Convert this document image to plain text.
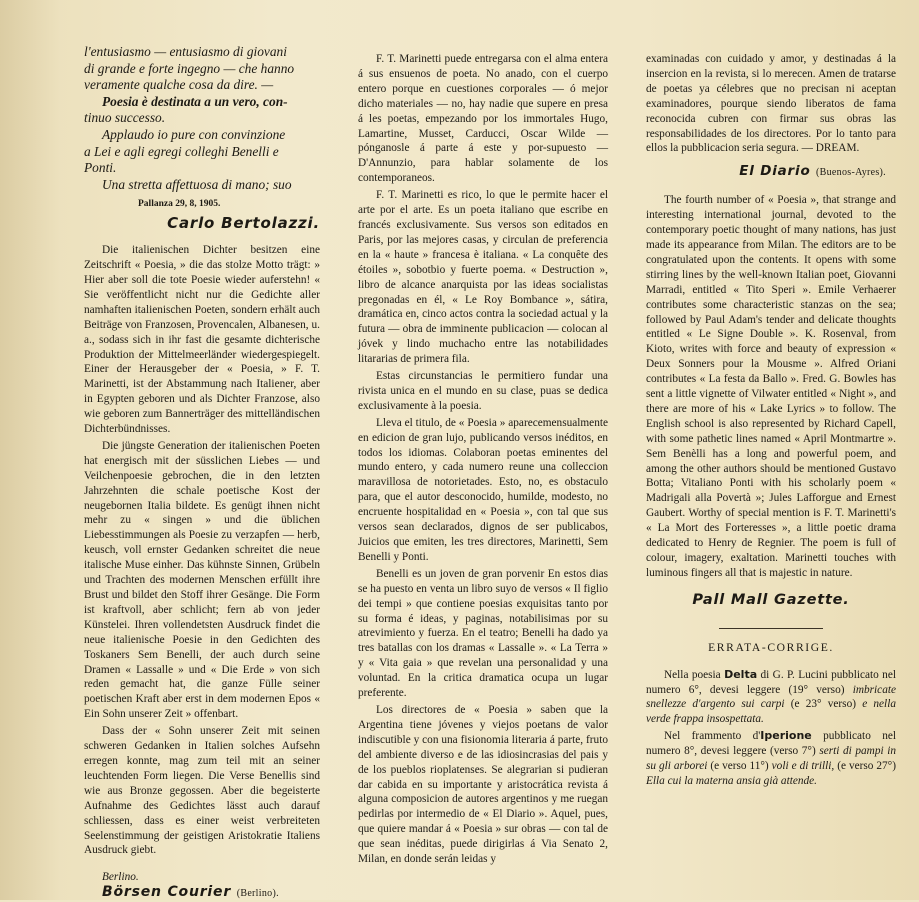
l'entusiasmo — entusiasmo di giovani

di grande e forte ingegno — che hanno

veramente qualche cosa da dire. —

Poesia è destinata a un vero, con-

tinuo successo.

Applaudo io pure con convinzione

a Lei e agli egregi colleghi Benelli e

Ponti.

Una stretta affettuosa di mano; suo

Pallanza 29, 8, 1905.

Carlo Bertolazzi.

Die italienischen Dichter besitzen eine Zeitschrift « Poesia, » die das stolze Motto trägt: » Hier aber soll die tote Poesie wieder auferstehn! « Sie veröffentlicht nicht nur die Gedichte aller namhaften italienischen Poeten, sondern erhält auch Beiträge von Franzosen, Provencalen, Albanesen, u. a., sodass sich in ihr fast die gesamte dichterische Produktion der Mittelmeerländer wiedergespiegelt. Einer der Herausgeber der « Poesia, » F. T. Marinetti, ist der Abstammung nach Italiener, aber in Egypten geboren und als Dichter Franzose, also wie geboren zum Bannerträger des mittelländischen Dichterbündnisses.

Die jüngste Generation der italienischen Poeten hat energisch mit der süsslichen Liebes — und Veilchenpoesie gebrochen, die in den letzten Jahrzehnten die schale poetische Kost der neugebornen Italia bildete. Es genügt ihnen nicht mehr zu « singen » und die üblichen Liebesstimmungen als Poesie zu verzapfen — herb, keusch, voll ernster Gedanken schreitet die neue italische Muse einher. Das kühnste Sinnen, Grübeln und Trachten des modernen Menschen erfüllt ihre Brust und bildet den Stoff ihrer Gesänge. Die Form ist kraftvoll, aber schlicht; fern ab von jeder Künstelei. Ihren vollendetsten Ausdruck findet die neue italienische Poesie in den Gedichten des Toskaners Sem Benelli, der auch durch seine Dramen « Lassalle » und « Die Erde » von sich reden gemacht hat, die ganze Fülle seiner poetischen Kraft aber erst in dem modernen Epos « Ein Sohn unserer Zeit » offenbart.

Dass der « Sohn unserer Zeit mit seinen schweren Gedanken in Italien solches Aufsehn erregen konnte, mag zum teil mit an seiner leuchtenden Form liegen. Die Verse Benellis sind wie aus Bronze gegossen. Aber die begeisterte Aufnahme des Gedichtes lässt auch darauf schliessen, dass es einer weist verbreiteten Seelenstimmung der geistigen Aristokratie Italiens Ausdruck giebt.

Berlino.

Börsen Courier (Berlino).

F. T. Marinetti puede entregarsa con el alma entera á sus ensuenos de poeta. No anado, con el cuerpo entero porque en cuestiones corporales — ó mejor dicho materiales — no, hay nadie que supere en presa á les poetas, empezando por los immortales Hugo, Lamartine, Musset, Carducci, Oscar Wilde — pónganosle á parte á este y por-supuesto — D'Annunzio, para hablar solamente de los contemporaneos.

F. T. Marinetti es rico, lo que le permite hacer el arte por el arte. Es un poeta italiano que escribe en francés exclusivamente. Sus versos son editados en Paris, por las mejores casas, y circulan de preferencia en la « haute » francesa è italiana. « La conquête des étoiles », sobotbio y fuerte poema. « Destruction », libro de alcance anarquista por las ideas socialistas pregonadas en él, « Le Roy Bombance », sátira, dramática en, cinco actos contra la sociedad actual y la futura — obra de imminente publicacion — colocan al jóvek y lindo muchacho entre las notabilidades litararias de primera fila.

Estas circunstancias le permitiero fundar una rivista unica en el mundo en su clase, puas se dedica exclusivamente à la poesia.

Lleva el titulo, de « Poesia » aparecemensualmente en edicion de gran lujo, publicando versos inéditos, en todos los idiomas. Colaboran poetas eminentes del mundo entero, y cada numero reune una colleccion maravillosa de notorietades. Esto, no, es obstaculo para, que el autor desconocido, humilde, modesto, no encruente hospitalidad en « Poesia », con tal que sus versos sean declarados, dignos de ser publicabos, Juicios que emiten, les tres directores, Marinetti, Sem Benelli y Ponti.

Benelli es un joven de gran porvenir En estos dias se ha puesto en venta un libro suyo de versos « Il figlio dei tempi » que contiene poesias exquisitas tanto por su forma é ideas, y paginas, notabilisimas por su atrevimiento y fuerza. En el teatro; Benelli ha dado ya tres batallas con los dramas « Lassalle ». « La Terra » y « Vita gaia » que revelan una personalidad y una voluntad. En la critica dramatica ocupa un lugar preferente.

Los directores de « Poesia » saben que la Argentina tiene jóvenes y viejos poetans de valor indiscutible y con una fisionomia literaria á parte, fruto del ambiente diverso e de las idiosincrasias del pais y de los pueblos rioplatenses. Se alegrarian si pudieran dar cabida en su importante y aristocrática revista á alguna composicion de autores argentinos y me ruegan pedirlas por intermedio de « El Diario ». Aquel, pues, que quiere mandar á « Poesia » sur obras — con tal de que sean inéditas, puede dirigirlas á Via Senato 2, Milan, en donde serán leidas y

examinadas con cuidado y amor, y destinadas á la insercion en la revista, si lo merecen. Amen de tratarse de poetas ya célebres que no precisan ni aceptan examinadores, pourque siendo liberatos de fama reconocida cubren con firmar sus obras las responsabilidades de los directores. Por lo tanto para ellos la pubblicacion seria segura. — DREAM.

El Diario (Buenos-Ayres).

The fourth number of « Poesia », that strange and interesting international journal, devoted to the contemporary poetic thought of many nations, has just made its appearance from Milan. The editors are to be congratulated upon the contents. It opens with some stirring lines by the well-known Italian poet, Giovanni Marradi, entitled « Tito Speri ». Emile Verhaerer contributes some characteristic stanzas on the sea; followed by Paul Adam's tender and delicate thoughts entitled « Le Signe Double ». K. Rosenval, from Kioto, writes with force and beauty of expression « Deux Sonners pour la Mousme ». Alfred Oriani contributes « La festa da Ballo ». Fred. G. Bowles has sent a little vignette of Vilwater entitled « Night », and there are more of his « Lake Lyrics » to follow. The English school is also represented by Richard Capell, with some pathetic lines named « April Montmartre ». Sem Benèlli has a long and powerful poem, and among the other authors should be mentioned Gustavo Botta; Vitaliano Ponti with his scholarly poem « Madrigali alla Povertà »; Jules Lafforgue and Ernest Gaubert. Worthy of special mention is F. T. Marinetti's « La Mort des Forteresses », a little poetic drama dedicated to Henry de Regnier. The poem is full of colour, imagery, exaltation. Marinetti touches with luminous fingers all that is majestic in nature.

Pall Mall Gazette.

ERRATA-CORRIGE.

Nella poesia Delta di G. P. Lucini pubblicato nel numero 6°, devesi leggere (19° verso) imbricate snellezze d'argento sui carpi (e 23° verso) e nella verde frappa insospettata.

Nel frammento d'Iperione pubblicato nel numero 8°, devesi leggere (verso 7°) serti di pampi in su gli arborei (e verso 11°) voli e di trilli, (e verso 27°) Ella cui la materna ansia già attende.
